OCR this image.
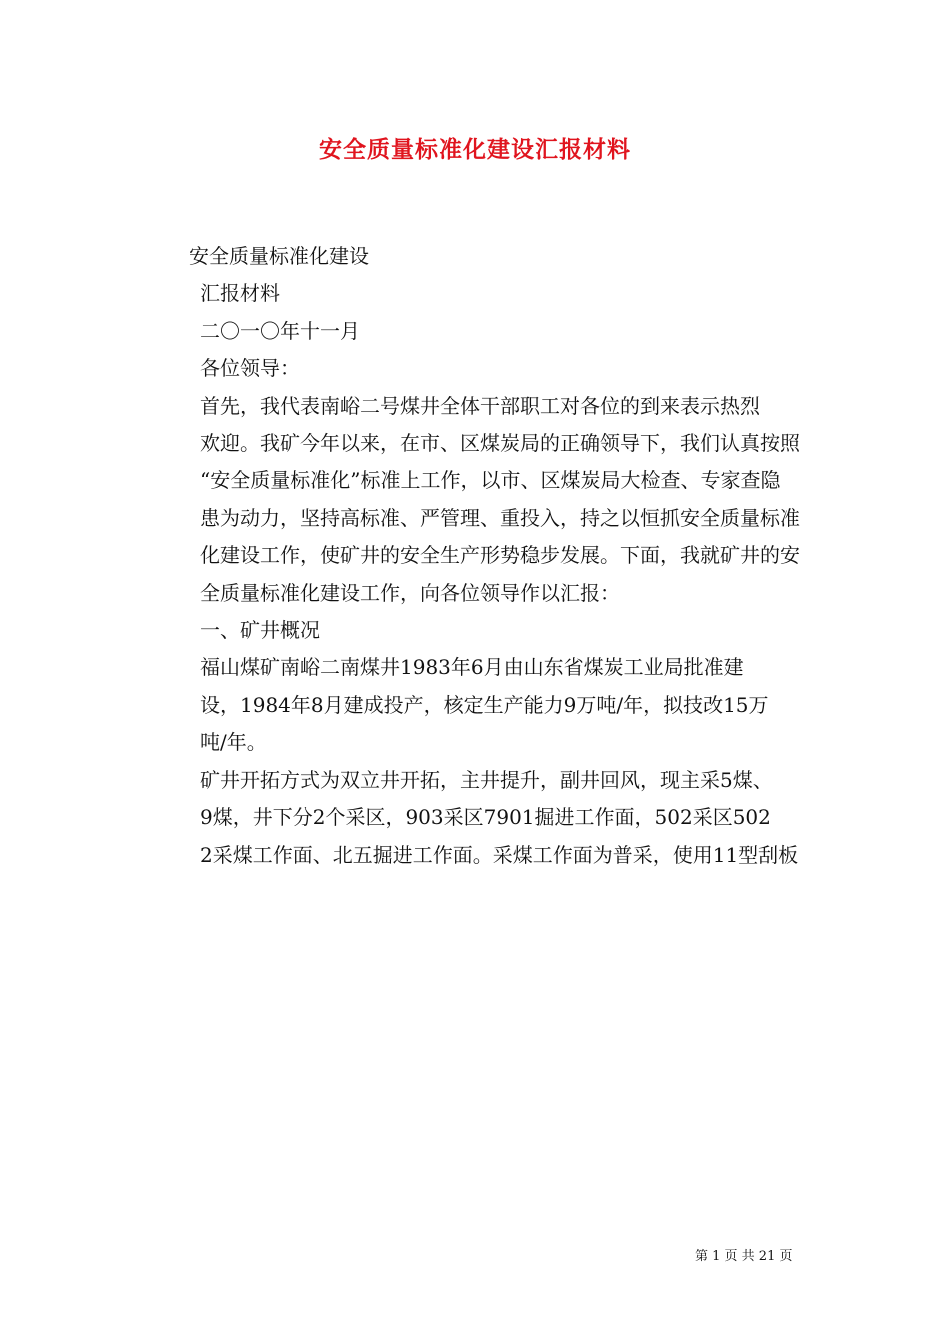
安全质量标准化建设汇报材料

安全质量标准化建设

汇报材料

二〇一〇年十一月

各位领导：

首先，我代表南峪二号煤井全体干部职工对各位的到来表示热烈

欢迎。我矿今年以来，在市、区煤炭局的正确领导下，我们认真按照

“安全质量标准化”标准上工作，以市、区煤炭局大检查、专家查隐

患为动力，坚持高标准、严管理、重投入，持之以恒抓安全质量标准

化建设工作，使矿井的安全生产形势稳步发展。下面，我就矿井的安

全质量标准化建设工作，向各位领导作以汇报：

一、矿井概况

福山煤矿南峪二南煤井1983年6月由山东省煤炭工业局批准建

设，1984年8月建成投产，核定生产能力9万吨/年，拟技改15万

吨/年。

矿井开拓方式为双立井开拓，主井提升，副井回风，现主采5煤、

9煤，井下分2个采区，903采区7901掘进工作面，502采区502

2采煤工作面、北五掘进工作面。采煤工作面为普采，使用11型刮板

第 1 页 共 21 页
